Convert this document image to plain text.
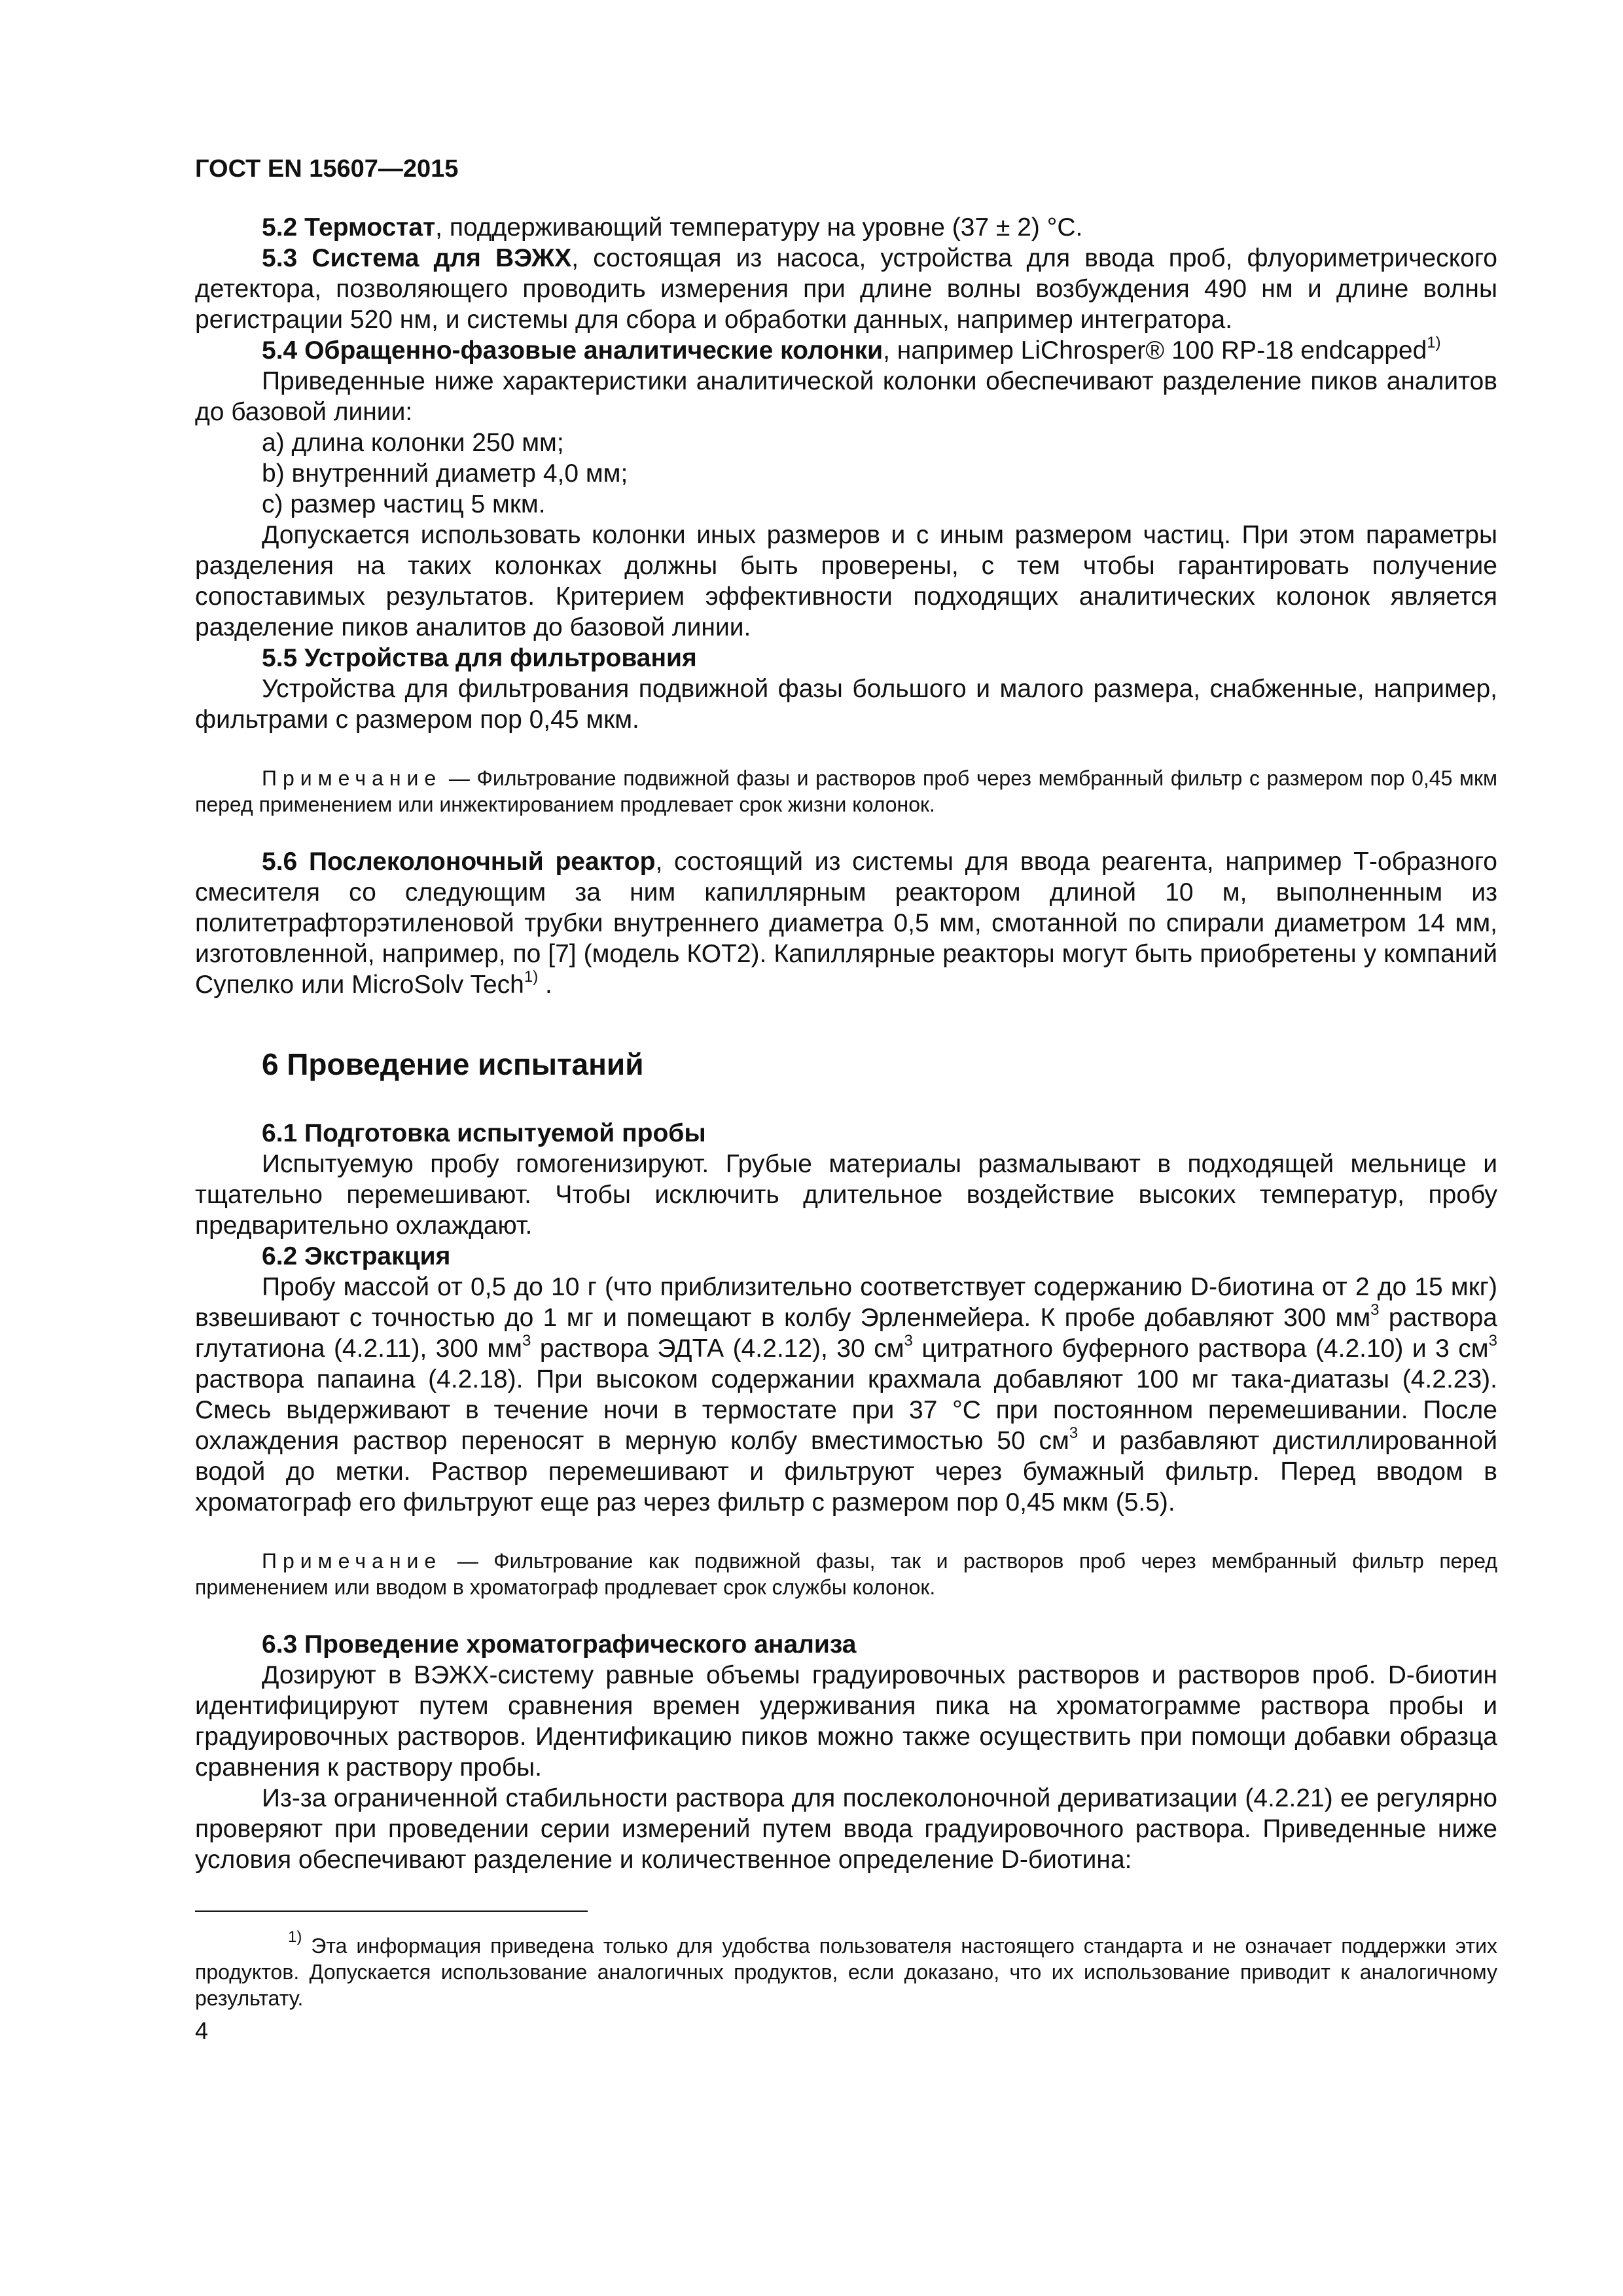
ГОСТ EN 15607—2015

5.2 Термостат, поддерживающий температуру на уровне (37 ± 2) °С.

5.3 Система для ВЭЖХ, состоящая из насоса, устройства для ввода проб, флуориметрического детектора, позволяющего проводить измерения при длине волны возбуждения 490 нм и длине волны регистрации 520 нм, и системы для сбора и обработки данных, например интегратора.

5.4 Обращенно-фазовые аналитические колонки, например LiChrosper® 100 RP-18 endcapped$^{1)}$

Приведенные ниже характеристики аналитической колонки обеспечивают разделение пиков аналитов до базовой линии:

a) длина колонки 250 мм;

b) внутренний диаметр 4,0 мм;

c) размер частиц 5 мкм.

Допускается использовать колонки иных размеров и с иным размером частиц. При этом параметры разделения на таких колонках должны быть проверены, с тем чтобы гарантировать получение сопоставимых результатов. Критерием эффективности подходящих аналитических колонок является разделение пиков аналитов до базовой линии.

5.5 Устройства для фильтрования

Устройства для фильтрования подвижной фазы большого и малого размера, снабженные, например, фильтрами с размером пор 0,45 мкм.

Примечание — Фильтрование подвижной фазы и растворов проб через мембранный фильтр с размером пор 0,45 мкм перед применением или инжектированием продлевает срок жизни колонок.

5.6 Послеколоночный реактор, состоящий из системы для ввода реагента, например Т-образного смесителя со следующим за ним капиллярным реактором длиной 10 м, выполненным из политетрафторэтиленовой трубки внутреннего диаметра 0,5 мм, смотанной по спирали диаметром 14 мм, изготовленной, например, по [7] (модель КОТ2). Капиллярные реакторы могут быть приобретены у компаний Супелко или MicroSolv Tech$^{1)}$ .

6 Проведение испытаний

6.1 Подготовка испытуемой пробы

Испытуемую пробу гомогенизируют. Грубые материалы размалывают в подходящей мельнице и тщательно перемешивают. Чтобы исключить длительное воздействие высоких температур, пробу предварительно охлаждают.

6.2 Экстракция

Пробу массой от 0,5 до 10 г (что приблизительно соответствует содержанию D-биотина от 2 до 15 мкг) взвешивают с точностью до 1 мг и помещают в колбу Эрленмейера. К пробе добавляют 300 $мм^3$ раствора глутатиона (4.2.11), 300 $мм^3$ раствора ЭДТА (4.2.12), 30 $см^3$ цитратного буферного раствора (4.2.10) и 3 $см^3$ раствора папаина (4.2.18). При высоком содержании крахмала добавляют 100 мг така-диатазы (4.2.23). Смесь выдерживают в течение ночи в термостате при 37 °С при постоянном перемешивании. После охлаждения раствор переносят в мерную колбу вместимостью 50 $см^3$ и разбавляют дистиллированной водой до метки. Раствор перемешивают и фильтруют через бумажный фильтр. Перед вводом в хроматограф его фильтруют еще раз через фильтр с размером пор 0,45 мкм (5.5).

Примечание — Фильтрование как подвижной фазы, так и растворов проб через мембранный фильтр перед применением или вводом в хроматограф продлевает срок службы колонок.

6.3 Проведение хроматографического анализа

Дозируют в ВЭЖХ-систему равные объемы градуировочных растворов и растворов проб. D-биотин идентифицируют путем сравнения времен удерживания пика на хроматограмме раствора пробы и градуировочных растворов. Идентификацию пиков можно также осуществить при помощи добавки образца сравнения к раствору пробы.

Из-за ограниченной стабильности раствора для послеколоночной дериватизации (4.2.21) ее регулярно проверяют при проведении серии измерений путем ввода градуировочного раствора. Приведенные ниже условия обеспечивают разделение и количественное определение D-биотина:

$^{1)}$ Эта информация приведена только для удобства пользователя настоящего стандарта и не означает поддержки этих продуктов. Допускается использование аналогичных продуктов, если доказано, что их использование приводит к аналогичному результату.

4
